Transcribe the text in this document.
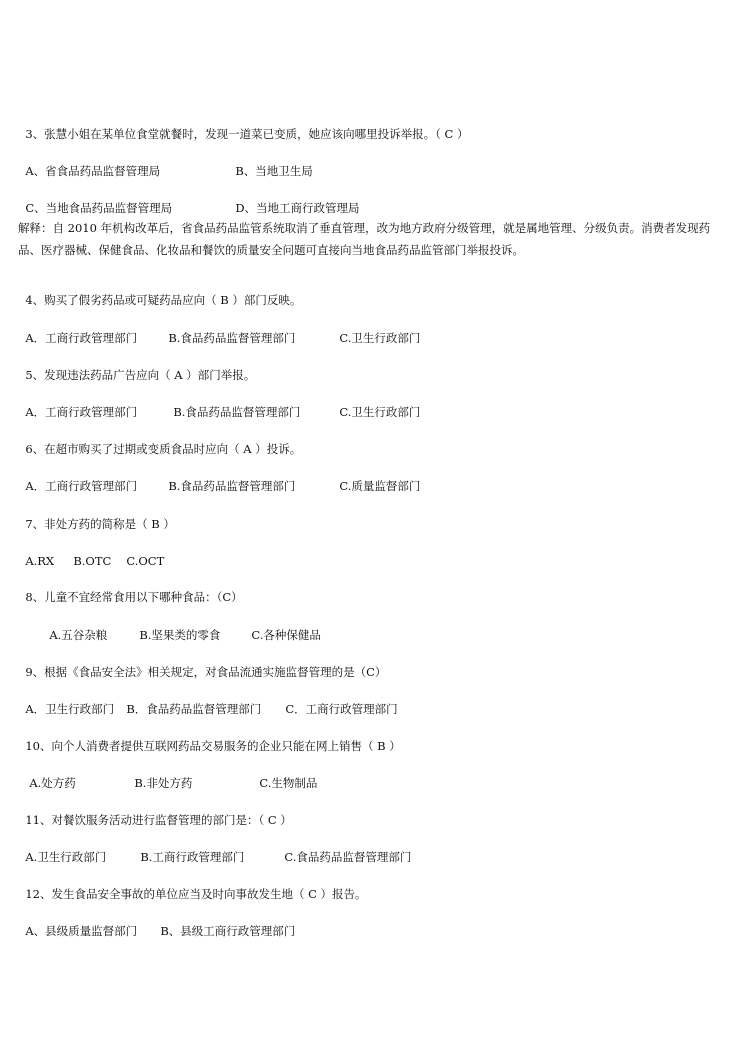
3、张慧小姐在某单位食堂就餐时，发现一道菜已变质，她应该向哪里投诉举报。（ C ）

A、省食品药品监督管理局	B、当地卫生局

C、当地食品药品监督管理局	D、当地工商行政管理局

解释：自 2010 年机构改革后，省食品药品监管系统取消了垂直管理，改为地方政府分级管理，就是属地管理、分级负责。消费者发现药品、医疗器械、保健食品、化妆品和餐饮的质量安全问题可直接向当地食品药品监管部门举报投诉。

4、购买了假劣药品或可疑药品应向（ B ）部门反映。

A．工商行政管理部门	B.食品药品监督管理部门	C.卫生行政部门

5、发现违法药品广告应向（ A ）部门举报。

A．工商行政管理部门	B.食品药品监督管理部门	C.卫生行政部门

6、在超市购买了过期或变质食品时应向（ A ）投诉。

A．工商行政管理部门	B.食品药品监督管理部门	C.质量监督部门

7、非处方药的简称是（ B ）

A.RX B.OTC C.OCT

8、儿童不宜经常食用以下哪种食品：（C）

A.五谷杂粮	B.坚果类的零食	C.各种保健品

9、根据《食品安全法》相关规定，对食品流通实施监督管理的是（C）

A．卫生行政部门 B．食品药品监督管理部门 C．工商行政管理部门

10、向个人消费者提供互联网药品交易服务的企业只能在网上销售（ B ）

A.处方药	B.非处方药	C.生物制品

11、对餐饮服务活动进行监督管理的部门是：（ C ）

A.卫生行政部门	B.工商行政管理部门	C.食品药品监督管理部门

12、发生食品安全事故的单位应当及时向事故发生地（ C ）报告。

A、县级质量监督部门 B、县级工商行政管理部门
